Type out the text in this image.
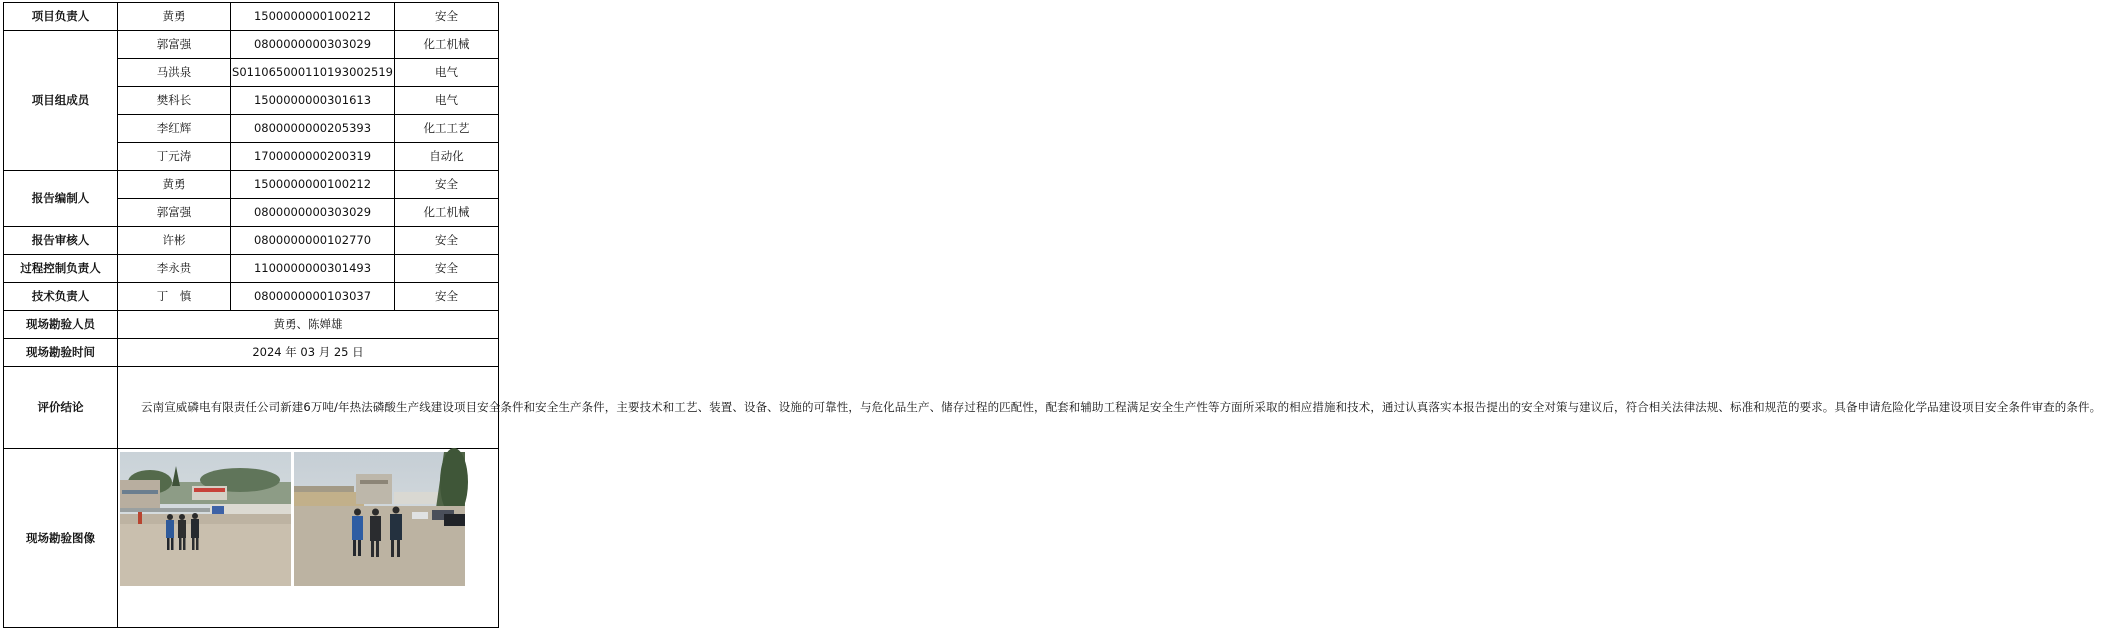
项目负责人	黄勇	1500000000100212	安全
项目组成员	郭富强	0800000000303029	化工机械
	马洪泉	S011065000110193002519	电气
	樊科长	1500000000301613	电气
	李红辉	0800000000205393	化工工艺
	丁元涛	1700000000200319	自动化
报告编制人	黄勇	1500000000100212	安全
	郭富强	0800000000303029	化工机械
报告审核人	许彬	0800000000102770	安全
过程控制负责人	李永贵	1100000000301493	安全
技术负责人	丁　慎	0800000000103037	安全
现场勘验人员	黄勇、陈婵雄		
现场勘验时间	2024 年 03 月 25 日		
评价结论	云南宣威磷电有限责任公司新建6万吨/年热法磷酸生产线建设项目安全条件和安全生产条件，主要技术和工艺、装置、设备、设施的可靠性，与危化品生产、储存过程的匹配性，配套和辅助工程满足安全生产性等方面所采取的相应措施和技术，通过认真落实本报告提出的安全对策与建议后，符合相关法律法规、标准和规范的要求。具备申请危险化学品建设项目安全条件审查的条件。		
现场勘验图像	
